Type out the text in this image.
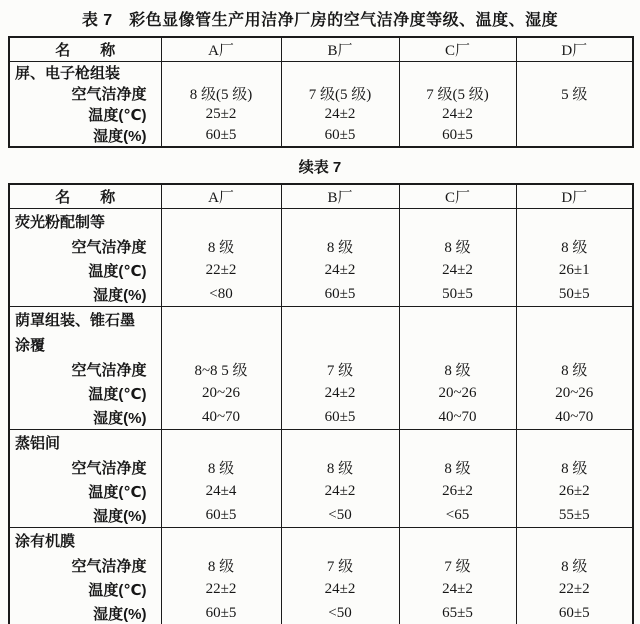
表 7　彩色显像管生产用洁净厂房的空气洁净度等级、温度、湿度
名　　称	A厂	B厂	C厂	D厂
屏、电子枪组装				
空气洁净度	8 级(5 级)	7 级(5 级)	7 级(5 级)	5 级
温度(℃)	25±2	24±2	24±2	
湿度(%)	60±5	60±5	60±5	
续表 7
名　　称	A厂	B厂	C厂	D厂
荧光粉配制等				
空气洁净度	8 级	8 级	8 级	8 级
温度(℃)	22±2	24±2	24±2	26±1
湿度(%)	<80	60±5	50±5	50±5
荫罩组装、锥石墨				
涂覆				
空气洁净度	8~8 5 级	7 级	8 级	8 级
温度(℃)	20~26	24±2	20~26	20~26
湿度(%)	40~70	60±5	40~70	40~70
蒸铝间				
空气洁净度	8 级	8 级	8 级	8 级
温度(℃)	24±4	24±2	26±2	26±2
湿度(%)	60±5	<50	<65	55±5
涂有机膜				
空气洁净度	8 级	7 级	7 级	8 级
温度(℃)	22±2	24±2	24±2	22±2
湿度(%)	60±5	<50	65±5	60±5
